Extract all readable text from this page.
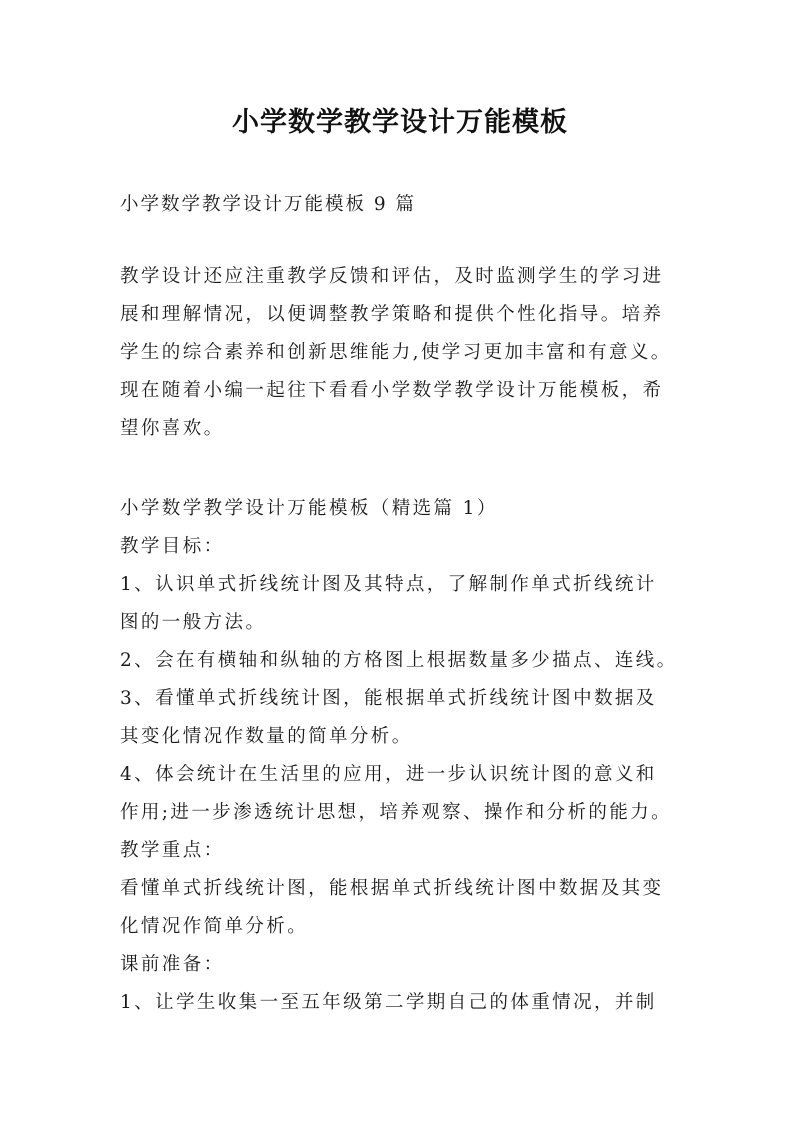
小学数学教学设计万能模板
小学数学教学设计万能模板 9 篇
教学设计还应注重教学反馈和评估，及时监测学生的学习进
展和理解情况，以便调整教学策略和提供个性化指导。培养
学生的综合素养和创新思维能力,使学习更加丰富和有意义。
现在随着小编一起往下看看小学数学教学设计万能模板，希
望你喜欢。
小学数学教学设计万能模板（精选篇 1）
教学目标：
1、认识单式折线统计图及其特点，了解制作单式折线统计
图的一般方法。
2、会在有横轴和纵轴的方格图上根据数量多少描点、连线。
3、看懂单式折线统计图，能根据单式折线统计图中数据及
其变化情况作数量的简单分析。
4、体会统计在生活里的应用，进一步认识统计图的意义和
作用;进一步渗透统计思想，培养观察、操作和分析的能力。
教学重点：
看懂单式折线统计图，能根据单式折线统计图中数据及其变
化情况作简单分析。
课前准备：
1、让学生收集一至五年级第二学期自己的体重情况，并制
